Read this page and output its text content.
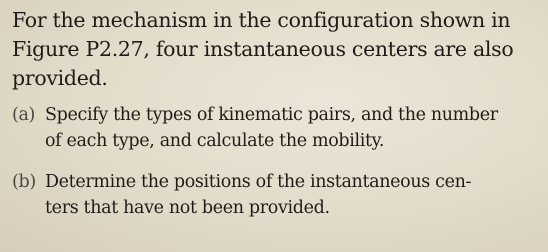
For the mechanism in the configuration shown in
Figure P2.27, four instantaneous centers are also
provided.

(a) Specify the types of kinematic pairs, and the number
of each type, and calculate the mobility.
(b) Determine the positions of the instantaneous cen-
ters that have not been provided.
